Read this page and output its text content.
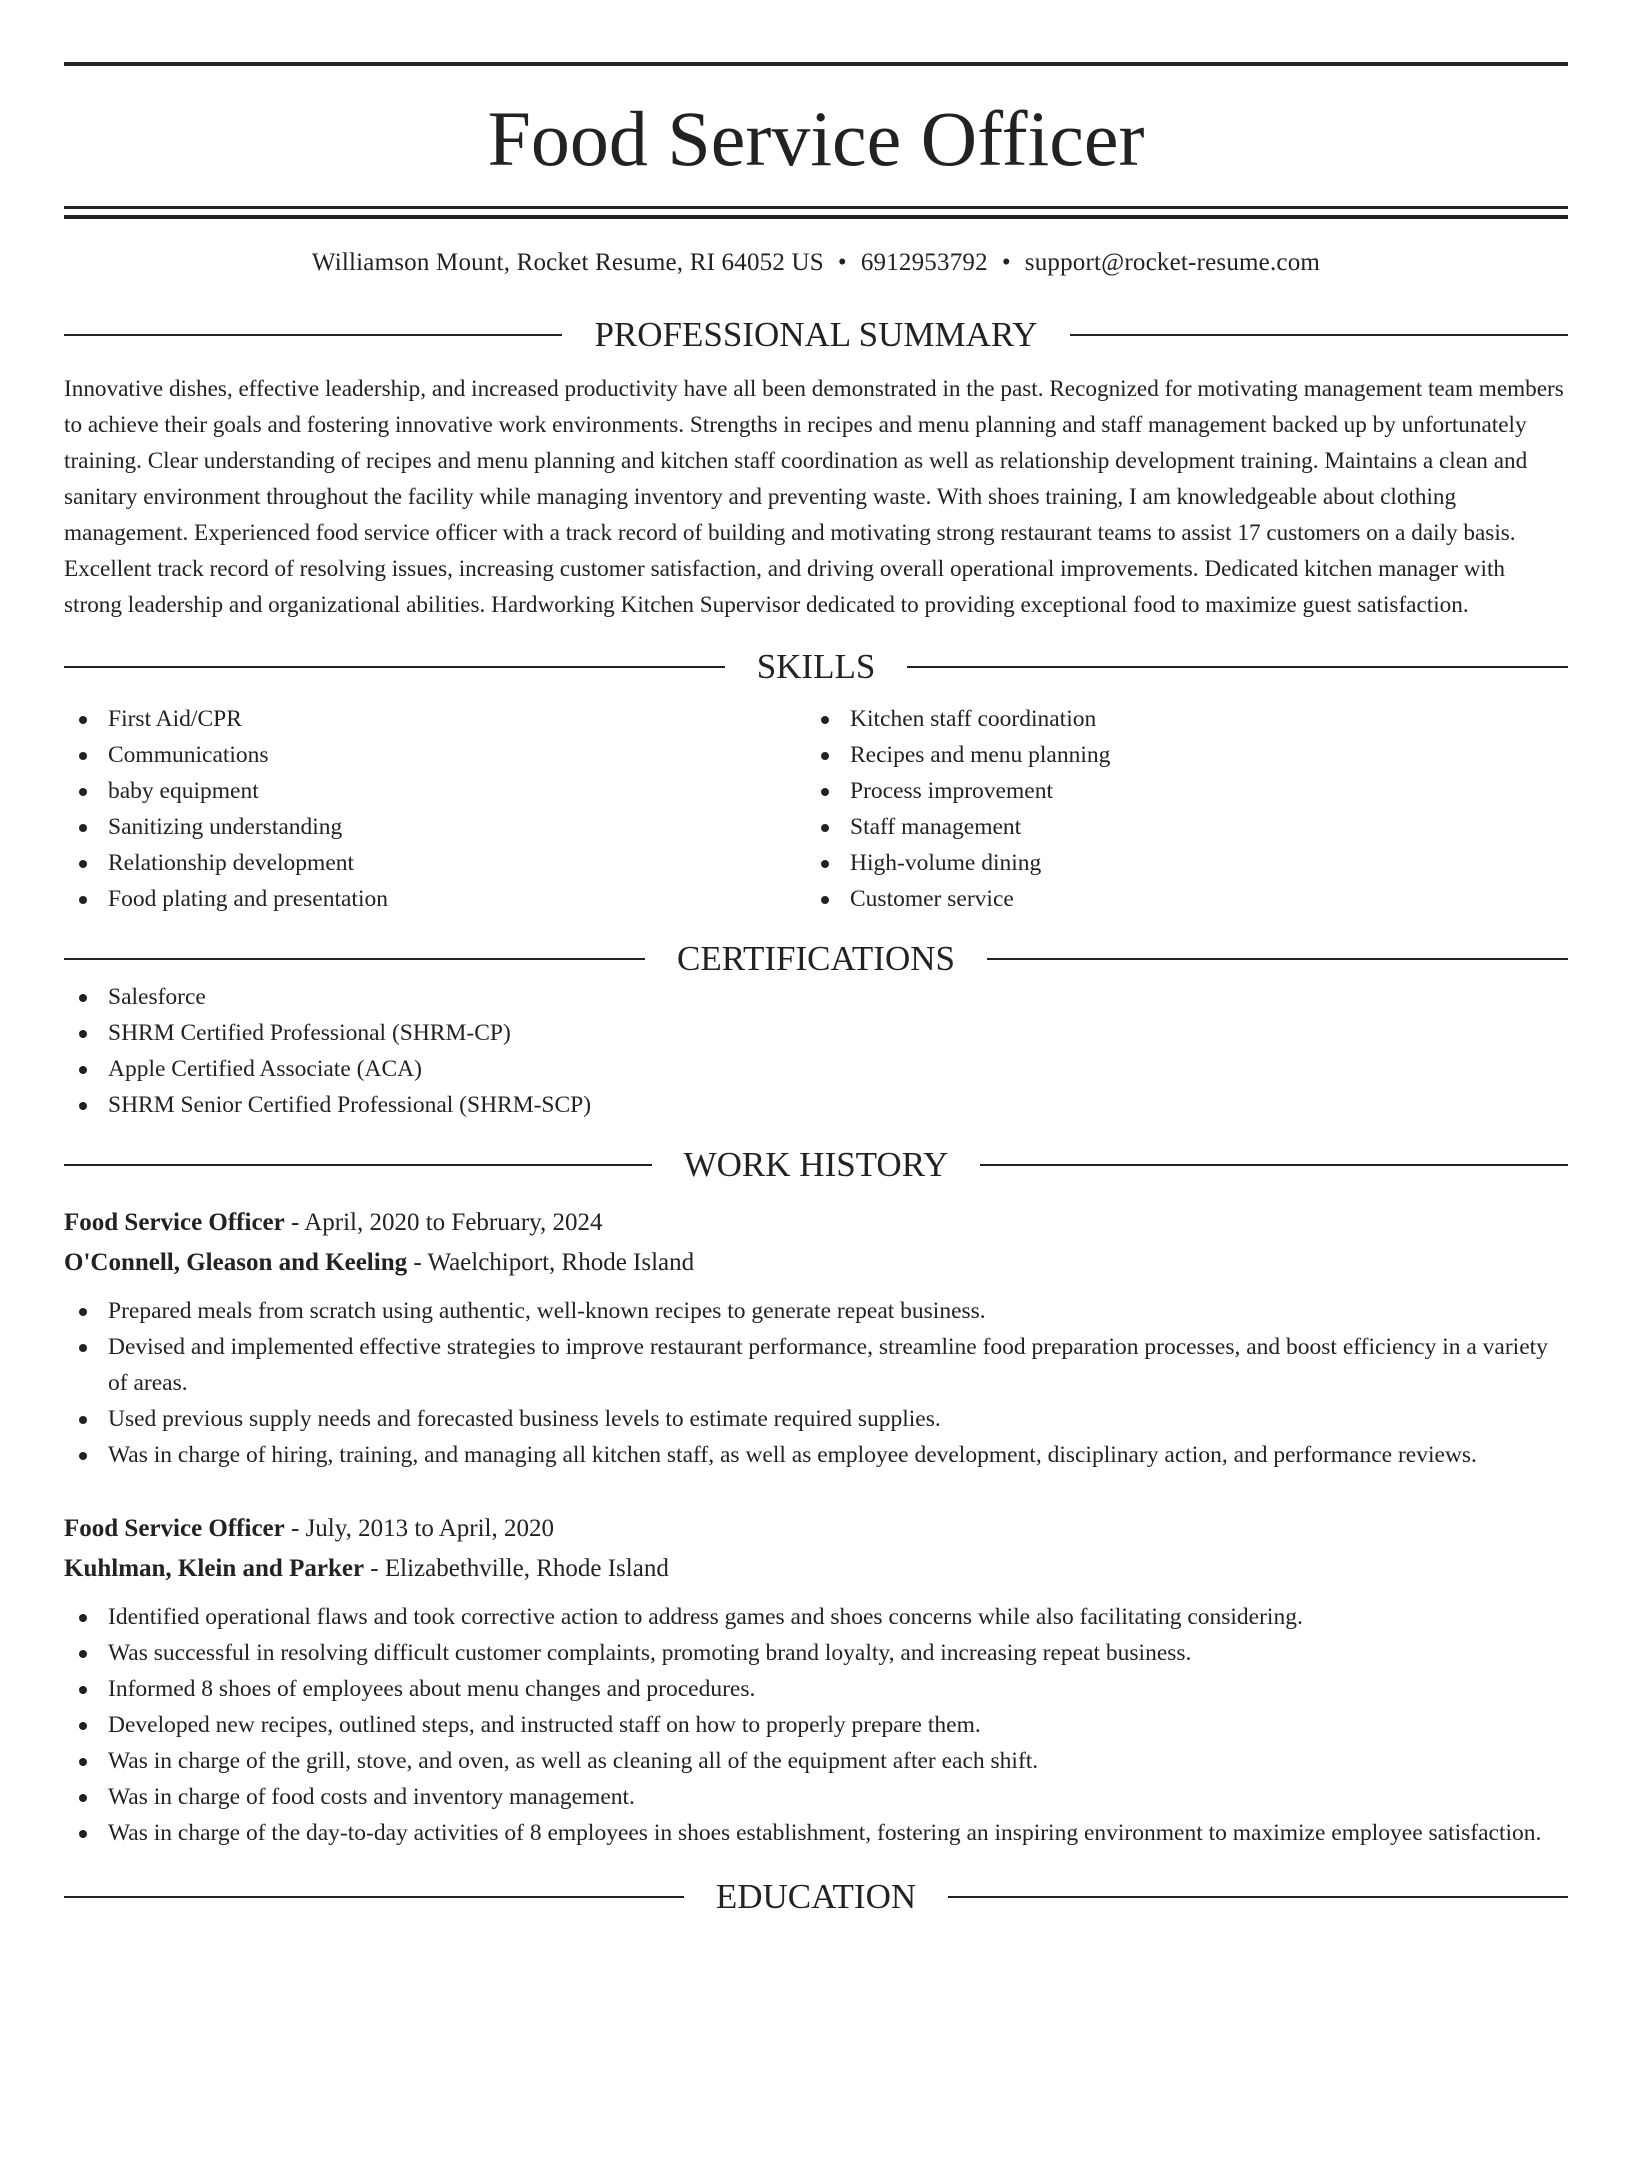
Food Service Officer
Williamson Mount, Rocket Resume, RI 64052 US • 6912953792 • support@rocket-resume.com
PROFESSIONAL SUMMARY

Innovative dishes, effective leadership, and increased productivity have all been demonstrated in the past. Recognized for motivating management team members to achieve their goals and fostering innovative work environments. Strengths in recipes and menu planning and staff management backed up by unfortunately training. Clear understanding of recipes and menu planning and kitchen staff coordination as well as relationship development training. Maintains a clean and sanitary environment throughout the facility while managing inventory and preventing waste. With shoes training, I am knowledgeable about clothing management. Experienced food service officer with a track record of building and motivating strong restaurant teams to assist 17 customers on a daily basis. Excellent track record of resolving issues, increasing customer satisfaction, and driving overall operational improvements. Dedicated kitchen manager with strong leadership and organizational abilities. Hardworking Kitchen Supervisor dedicated to providing exceptional food to maximize guest satisfaction.

SKILLS
First Aid/CPR
Communications
baby equipment
Sanitizing understanding
Relationship development
Food plating and presentation
Kitchen staff coordination
Recipes and menu planning
Process improvement
Staff management
High-volume dining
Customer service
CERTIFICATIONS
Salesforce
SHRM Certified Professional (SHRM-CP)
Apple Certified Associate (ACA)
SHRM Senior Certified Professional (SHRM-SCP)
WORK HISTORY
Food Service Officer - April, 2020 to February, 2024
O'Connell, Gleason and Keeling - Waelchiport, Rhode Island
Prepared meals from scratch using authentic, well-known recipes to generate repeat business.
Devised and implemented effective strategies to improve restaurant performance, streamline food preparation processes, and boost efficiency in a variety of areas.
Used previous supply needs and forecasted business levels to estimate required supplies.
Was in charge of hiring, training, and managing all kitchen staff, as well as employee development, disciplinary action, and performance reviews.
Food Service Officer - July, 2013 to April, 2020
Kuhlman, Klein and Parker - Elizabethville, Rhode Island
Identified operational flaws and took corrective action to address games and shoes concerns while also facilitating considering.
Was successful in resolving difficult customer complaints, promoting brand loyalty, and increasing repeat business.
Informed 8 shoes of employees about menu changes and procedures.
Developed new recipes, outlined steps, and instructed staff on how to properly prepare them.
Was in charge of the grill, stove, and oven, as well as cleaning all of the equipment after each shift.
Was in charge of food costs and inventory management.
Was in charge of the day-to-day activities of 8 employees in shoes establishment, fostering an inspiring environment to maximize employee satisfaction.
EDUCATION
